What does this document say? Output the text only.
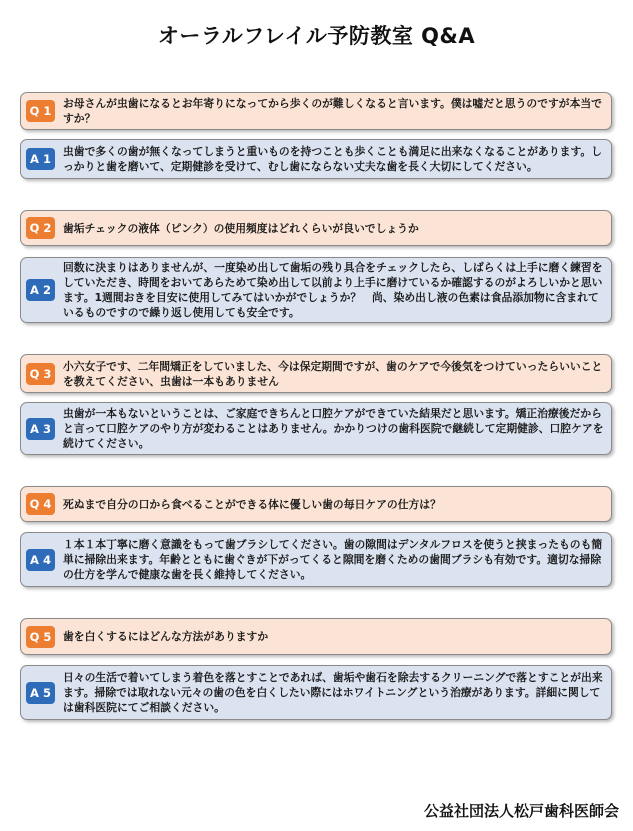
オーラルフレイル予防教室 Q&A
Q 1
お母さんが虫歯になるとお年寄りになってから歩くのが難しくなると言います。僕は嘘だと思うのですが本当ですか？
A 1
虫歯で多くの歯が無くなってしまうと重いものを持つことも歩くことも満足に出来なくなることがあります。しっかりと歯を磨いて、定期健診を受けて、むし歯にならない丈夫な歯を長く大切にしてください。
Q 2	歯垢チェックの液体（ピンク）の使用頻度はどれくらいが良いでしょうか
A 2
回数に決まりはありませんが、一度染め出して歯垢の残り具合をチェックしたら、しばらくは上手に磨く練習をしていただき、時間をおいてあらためて染め出して以前より上手に磨けているか確認するのがよろしいかと思います。1週間おきを目安に使用してみてはいかがでしょうか？　尚、染め出し液の色素は食品添加物に含まれているものですので繰り返し使用しても安全です。
Q 3
小六女子です、二年間矯正をしていました、今は保定期間ですが、歯のケアで今後気をつけていったらいいことを教えてください、虫歯は一本もありません
A 3
虫歯が一本もないということは、ご家庭できちんと口腔ケアができていた結果だと思います。矯正治療後だからと言って口腔ケアのやり方が変わることはありません。かかりつけの歯科医院で継続して定期健診、口腔ケアを続けてください。
Q 4	死ぬまで自分の口から食べることができる体に優しい歯の毎日ケアの仕方は？
A 4
１本１本丁寧に磨く意識をもって歯ブラシしてください。歯の隙間はデンタルフロスを使うと挟まったものも簡単に掃除出来ます。年齢とともに歯ぐきが下がってくると隙間を磨くための歯間ブラシも有効です。適切な掃除の仕方を学んで健康な歯を長く維持してください。
Q 5	歯を白くするにはどんな方法がありますか
A 5
日々の生活で着いてしまう着色を落とすことであれば、歯垢や歯石を除去するクリーニングで落とすことが出来ます。掃除では取れない元々の歯の色を白くしたい際にはホワイトニングという治療があります。詳細に関しては歯科医院にてご相談ください。
公益社団法人松戸歯科医師会
